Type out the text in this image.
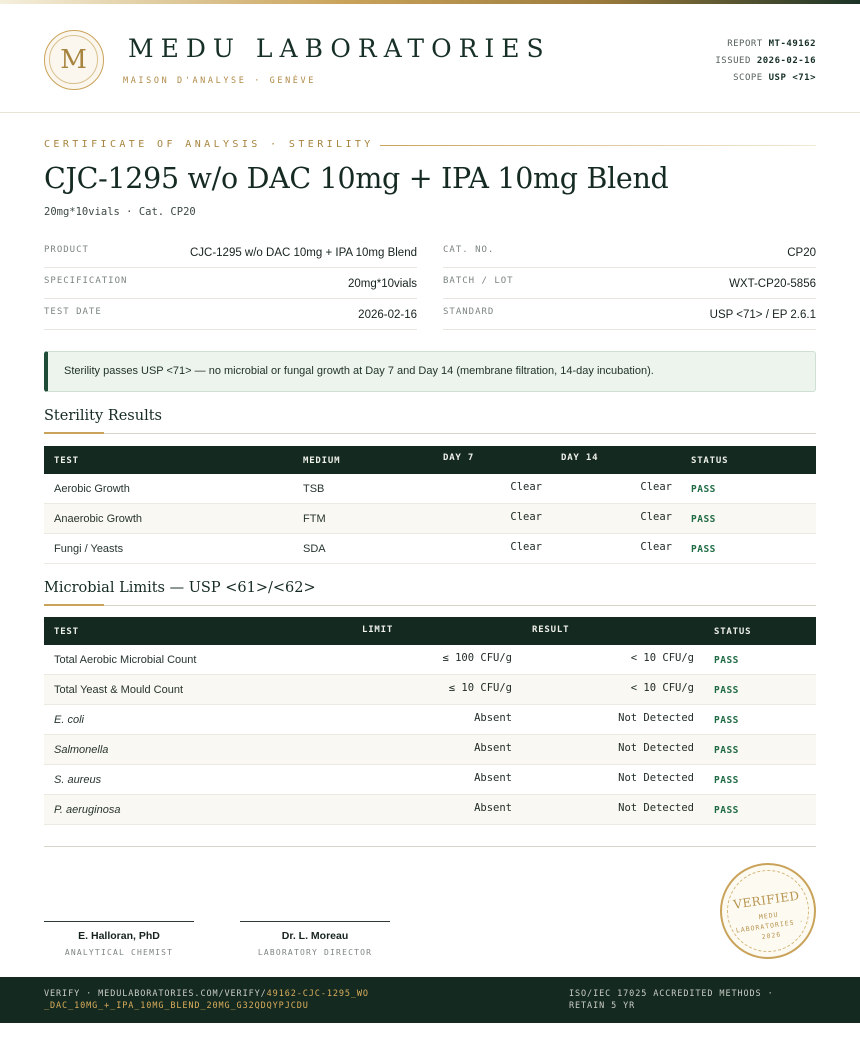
M	MEDU LABORATORIES
MAISON D'ANALYSE · GENÈVE
REPORT MT-49162
ISSUED 2026-02-16
SCOPE USP <71>
CERTIFICATE OF ANALYSIS · STERILITY
CJC-1295 w/o DAC 10mg + IPA 10mg Blend
20mg*10vials · Cat. CP20
PRODUCT	CJC-1295 w/o DAC 10mg + IPA 10mg Blend
SPECIFICATION	20mg*10vials
TEST DATE	2026-02-16
CAT. NO.	CP20
BATCH / LOT	WXT-CP20-5856
STANDARD	USP <71> / EP 2.6.1
Sterility passes USP <71> — no microbial or fungal growth at Day 7 and Day 14 (membrane filtration, 14-day incubation).
Sterility Results
TEST	MEDIUM	DAY 7	DAY 14	STATUS
Aerobic Growth	TSB	Clear	Clear PASS
Anaerobic Growth	FTM	Clear	Clear PASS
Fungi / Yeasts	SDA	Clear	Clear PASS
Microbial Limits — USP <61>/<62>
TEST	LIMIT	RESULT	STATUS
Total Aerobic Microbial Count	≤ 100 CFU/g	< 10 CFU/g PASS
Total Yeast & Mould Count	≤ 10 CFU/g	< 10 CFU/g PASS
E. coli	Absent	Not Detected PASS
Salmonella	Absent	Not Detected PASS
S. aureus	Absent	Not Detected PASS
P. aeruginosa	Absent	Not Detected PASS
E. Halloran, PhD
ANALYTICAL CHEMIST
Dr. L. Moreau
LABORATORY DIRECTOR
VERIFIED
MEDU LABORATORIES · 2026
VERIFY · MEDULABORATORIES.COM/VERIFY/49162-CJC-1295_WO_DAC_10MG_+_IPA_10MG_BLEND_20MG_G32QDQYPJCDU
ISO/IEC 17025 ACCREDITED METHODS · RETAIN 5 YR
